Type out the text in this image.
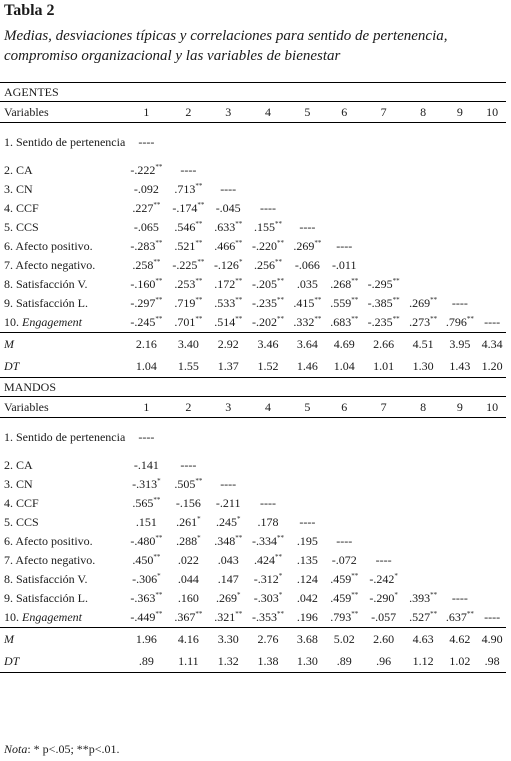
Tabla 2
Medias, desviaciones típicas y correlaciones para sentido de pertenencia, compromiso organizacional y las variables de bienestar
AGENTES										
Variables	1	2	3	4	5	6	7	8	9	10
1. Sentido de pertenencia	----									
2. CA	-.222**	----								
3. CN	-.092	.713**	----							
4. CCF	.227**	-.174**	-.045	----						
5. CCS	-.065	.546**	.633**	.155**	----					
6. Afecto positivo.	-.283**	.521**	.466**	-.220**	.269**	----				
7. Afecto negativo.	.258**	-.225**	-.126*	.256**	-.066	-.011				
8. Satisfacción V.	-.160**	.253**	.172**	-.205**	.035	.268**	-.295**			
9. Satisfacción L.	-.297**	.719**	.533**	-.235**	.415**	.559**	-.385**	.269**	----	
10. Engagement	-.245**	.701**	.514**	-.202**	.332**	.683**	-.235**	.273**	.796**	----
M	2.16	3.40	2.92	3.46	3.64	4.69	2.66	4.51	3.95	4.34
DT	1.04	1.55	1.37	1.52	1.46	1.04	1.01	1.30	1.43	1.20
MANDOS										
Variables	1	2	3	4	5	6	7	8	9	10
1. Sentido de pertenencia	----									
2. CA	-.141	----								
3. CN	-.313*	.505**	----							
4. CCF	.565**	-.156	-.211	----						
5. CCS	.151	.261*	.245*	.178	----					
6. Afecto positivo.	-.480**	.288*	.348**	-.334**	.195	----				
7. Afecto negativo.	.450**	.022	.043	.424**	.135	-.072	----			
8. Satisfacción V.	-.306*	.044	.147	-.312*	.124	.459**	-.242*			
9. Satisfacción L.	-.363**	.160	.269*	-.303*	.042	.459**	-.290*	.393**	----	
10. Engagement	-.449**	.367**	.321**	-.353**	.196	.793**	-.057	.527**	.637**	----
M	1.96	4.16	3.30	2.76	3.68	5.02	2.60	4.63	4.62	4.90
DT	.89	1.11	1.32	1.38	1.30	.89	.96	1.12	1.02	.98
Nota: * p<.05; **p<.01.
